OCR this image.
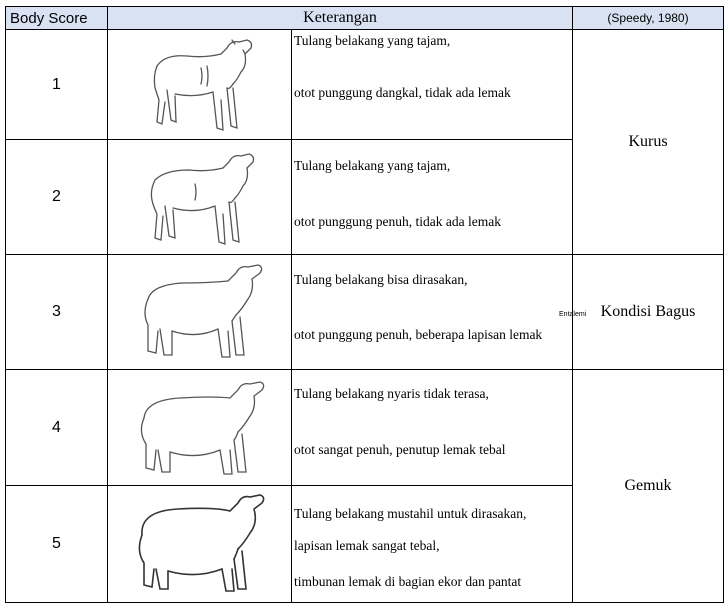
Body Score	Keterangan		(Speedy, 1980)
1		Tulang belakang yang tajam,
otot punggung dangkal, tidak ada lemak	Kurus
2		Tulang belakang yang tajam,
otot punggung penuh, tidak ada lemak	

3		Tulang belakang bisa dirasakan,
otot punggung penuh, beberapa lapisan lemak	Entalemi Kondisi Bagus
4		Tulang belakang nyaris tidak terasa,
otot sangat penuh, penutup lemak tebal	Gemuk
5		Tulang belakang mustahil untuk dirasakan,
lapisan lemak sangat tebal,
timbunan lemak di bagian ekor dan pantat	
